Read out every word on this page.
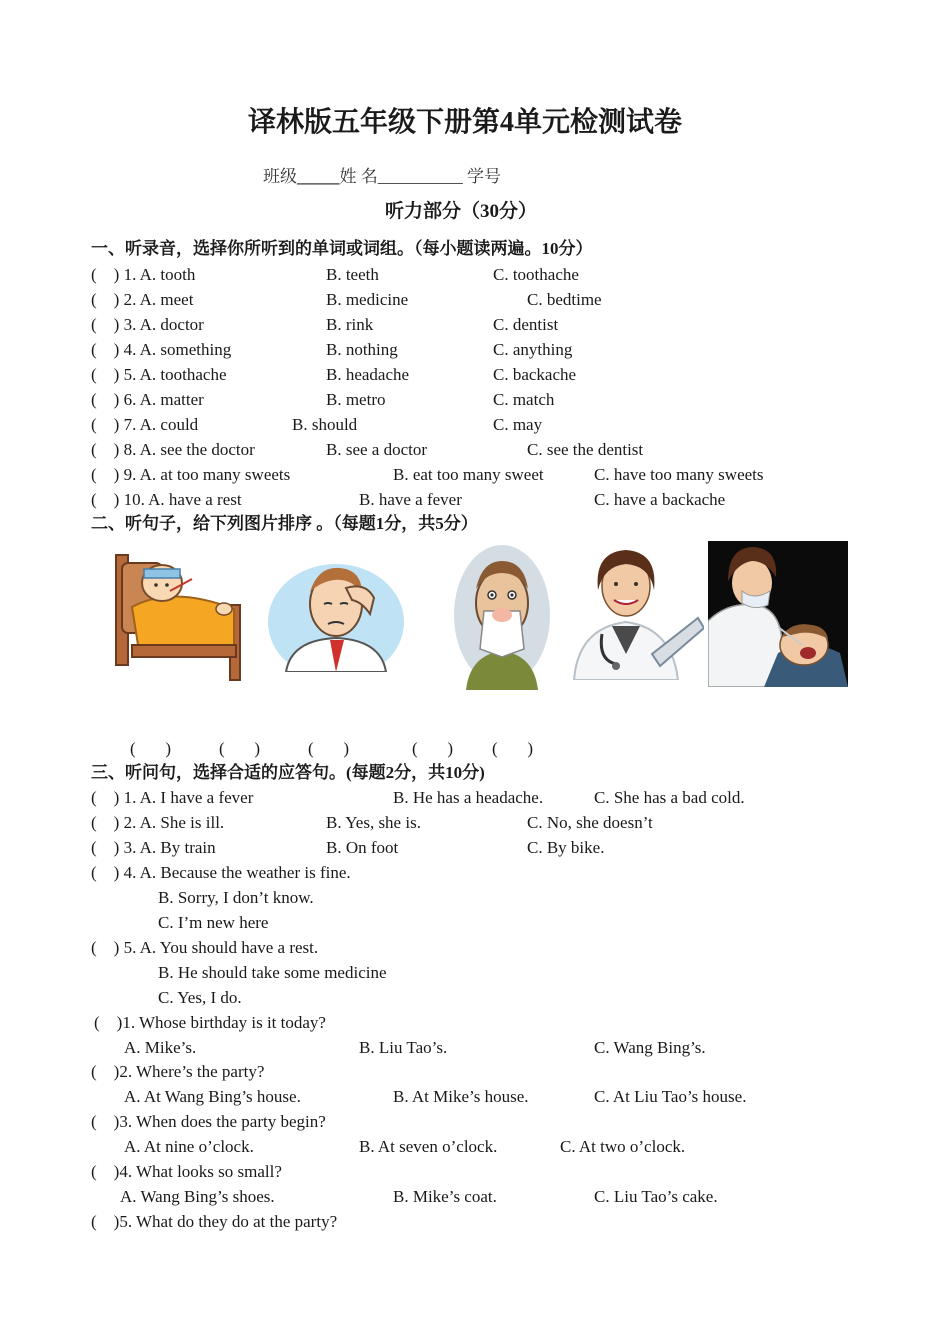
译林版五年级下册第4单元检测试卷
班级_____姓 名__________ 学号
听力部分（30分）
一、听录音，选择你所听到的单词或词组。（每小题读两遍。10分）
(    ) 1. A. tooth	B. teeth	C. toothache
(    ) 2. A. meet	B. medicine	C. bedtime
(    ) 3. A. doctor	B. rink	C. dentist
(    ) 4. A. something	B. nothing	C. anything
(    ) 5. A. toothache	B. headache	C. backache
(    ) 6. A. matter	B. metro	C. match
(    ) 7. A. could	B. should	C. may
(    ) 8. A. see the doctor	B. see a doctor	C. see the dentist
(    ) 9. A. at too many sweets	B. eat too many sweet	C. have too many sweets
(    ) 10. A. have a rest	B. have a fever	C. have a backache
二、听句子，给下列图片排序 。（每题1分，共5分）
(       )	(       )	(       )	(       ) (       )
三、听问句，选择合适的应答句。(每题2分，共10分)
(    ) 1. A. I have a fever	B. He has a headache.	C. She has a bad cold.
(    ) 2. A. She is ill.	B. Yes, she is.	C. No, she doesn’t
(    ) 3. A. By train	B. On foot	C. By bike.
(    ) 4. A. Because the weather is fine.
B. Sorry, I don’t know.
C. I’m new here
(    ) 5. A. You should have a rest.
B. He should take some medicine
C. Yes, I do.
(    )1. Whose birthday is it today?
A. Mike’s.	B. Liu Tao’s.	C. Wang Bing’s.
(    )2. Where’s the party?
A. At Wang Bing’s house.	B. At Mike’s house.	C. At Liu Tao’s house.
(    )3. When does the party begin?
A. At nine o’clock.	B. At seven o’clock.	C. At two o’clock.
(    )4. What looks so small?
A. Wang Bing’s shoes.	B. Mike’s coat.	C. Liu Tao’s cake.
(    )5. What do they do at the party?
